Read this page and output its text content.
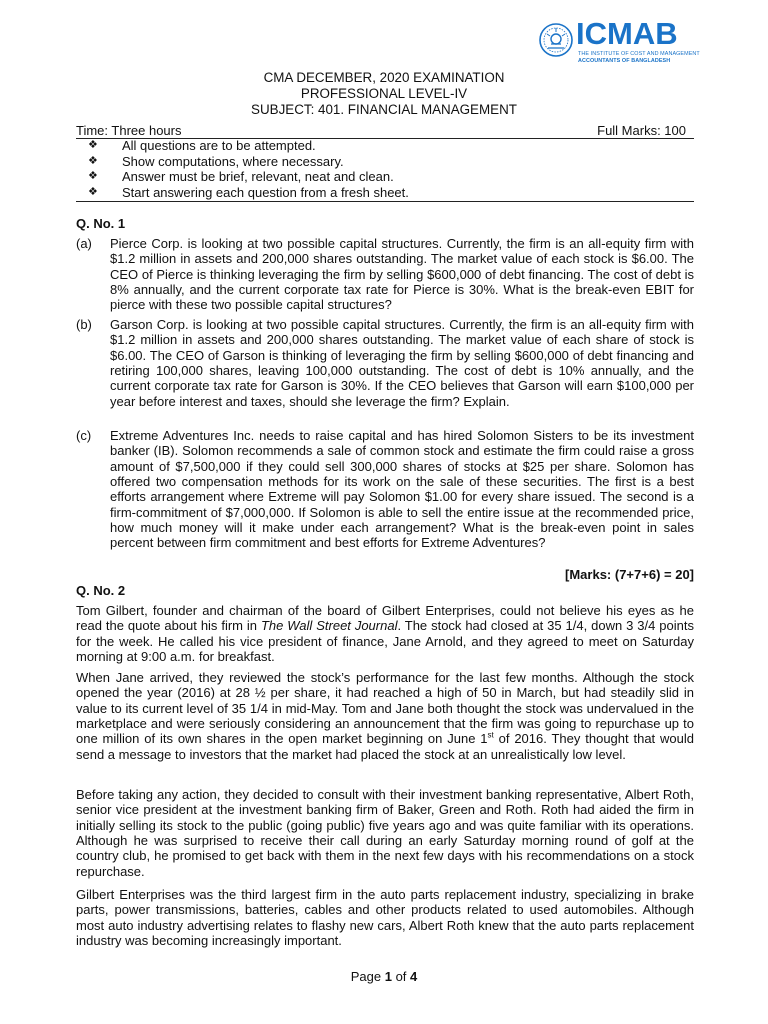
ICMAB
THE INSTITUTE OF COST AND MANAGEMENT
ACCOUNTANTS OF BANGLADESH
CMA DECEMBER, 2020 EXAMINATION
PROFESSIONAL LEVEL-IV
SUBJECT: 401. FINANCIAL MANAGEMENT
Time: Three hours	Full Marks: 100
❖	All questions are to be attempted.
❖	Show computations, where necessary.
❖	Answer must be brief, relevant, neat and clean.
❖	Start answering each question from a fresh sheet.
Q. No. 1
(a) Pierce Corp. is looking at two possible capital structures. Currently, the firm is an all-equity firm with $1.2 million in assets and 200,000 shares outstanding. The market value of each stock is $6.00. The CEO of Pierce is thinking leveraging the firm by selling $600,000 of debt financing. The cost of debt is 8% annually, and the current corporate tax rate for Pierce is 30%. What is the break-even EBIT for pierce with these two possible capital structures?
(b) Garson Corp. is looking at two possible capital structures. Currently, the firm is an all-equity firm with $1.2 million in assets and 200,000 shares outstanding. The market value of each share of stock is $6.00. The CEO of Garson is thinking of leveraging the firm by selling $600,000 of debt financing and retiring 100,000 shares, leaving 100,000 outstanding. The cost of debt is 10% annually, and the current corporate tax rate for Garson is 30%. If the CEO believes that Garson will earn $100,000 per year before interest and taxes, should she leverage the firm? Explain.
(c) Extreme Adventures Inc. needs to raise capital and has hired Solomon Sisters to be its investment banker (IB). Solomon recommends a sale of common stock and estimate the firm could raise a gross amount of $7,500,000 if they could sell 300,000 shares of stocks at $25 per share. Solomon has offered two compensation methods for its work on the sale of these securities. The first is a best efforts arrangement where Extreme will pay Solomon $1.00 for every share issued. The second is a firm-commitment of $7,000,000. If Solomon is able to sell the entire issue at the recommended price, how much money will it make under each arrangement? What is the break-even point in sales percent between firm commitment and best efforts for Extreme Adventures?
[Marks: (7+7+6) = 20]
Q. No. 2
Tom Gilbert, founder and chairman of the board of Gilbert Enterprises, could not believe his eyes as he read the quote about his firm in The Wall Street Journal. The stock had closed at 35 1/4, down 3 3/4 points for the week. He called his vice president of finance, Jane Arnold, and they agreed to meet on Saturday morning at 9:00 a.m. for breakfast.
When Jane arrived, they reviewed the stock’s performance for the last few months. Although the stock opened the year (2016) at 28 ½ per share, it had reached a high of 50 in March, but had steadily slid in value to its current level of 35 1/4 in mid-May. Tom and Jane both thought the stock was undervalued in the marketplace and were seriously considering an announcement that the firm was going to repurchase up to one million of its own shares in the open market beginning on June 1st of 2016. They thought that would send a message to investors that the market had placed the stock at an unrealistically low level.
Before taking any action, they decided to consult with their investment banking representative, Albert Roth, senior vice president at the investment banking firm of Baker, Green and Roth. Roth had aided the firm in initially selling its stock to the public (going public) five years ago and was quite familiar with its operations. Although he was surprised to receive their call during an early Saturday morning round of golf at the country club, he promised to get back with them in the next few days with his recommendations on a stock repurchase.
Gilbert Enterprises was the third largest firm in the auto parts replacement industry, specializing in brake parts, power transmissions, batteries, cables and other products related to used automobiles. Although most auto industry advertising relates to flashy new cars, Albert Roth knew that the auto parts replacement industry was becoming increasingly important.
Page 1 of 4
